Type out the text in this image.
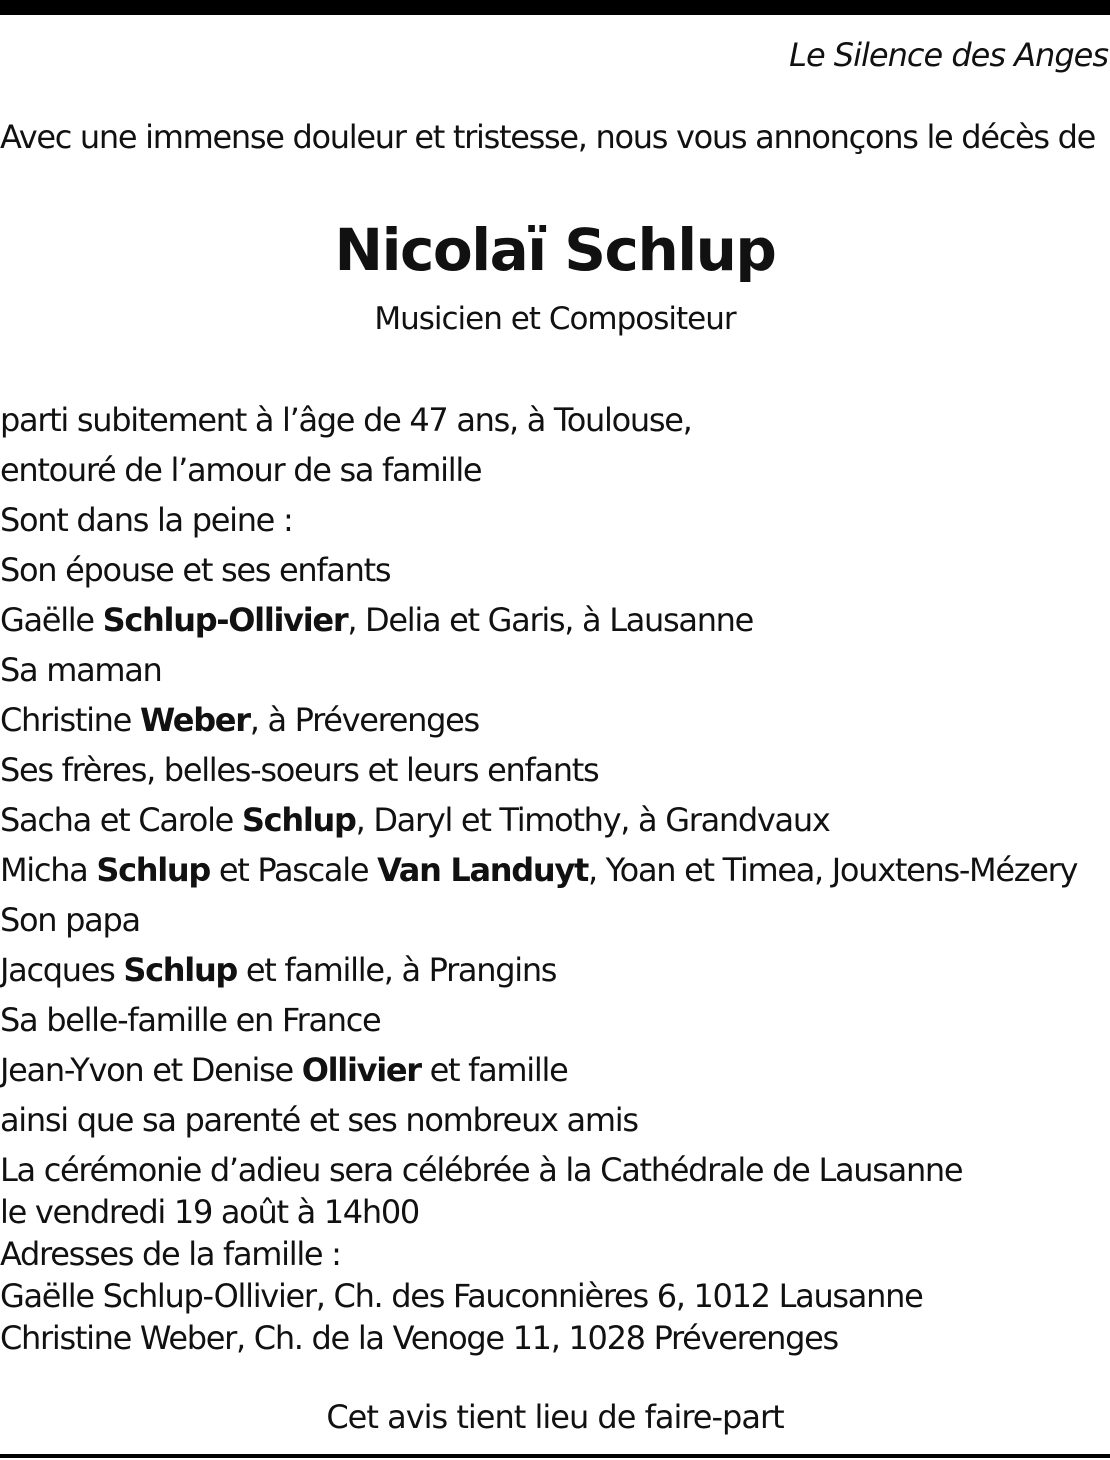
Le Silence des Anges
Avec une immense douleur et tristesse, nous vous annonçons le décès de
Nicolaï Schlup
Musicien et Compositeur
parti subitement à l’âge de 47 ans, à Toulouse,
entouré de l’amour de sa famille
Sont dans la peine :
Son épouse et ses enfants
Gaëlle Schlup-Ollivier, Delia et Garis, à Lausanne
Sa maman
Christine Weber, à Préverenges
Ses frères, belles-soeurs et leurs enfants
Sacha et Carole Schlup, Daryl et Timothy, à Grandvaux
Micha Schlup et Pascale Van Landuyt, Yoan et Timea, Jouxtens-Mézery
Son papa
Jacques Schlup et famille, à Prangins
Sa belle-famille en France
Jean-Yvon et Denise Ollivier et famille
ainsi que sa parenté et ses nombreux amis
La cérémonie d’adieu sera célébrée à la Cathédrale de Lausanne
le vendredi 19 août à 14h00
Adresses de la famille :
Gaëlle Schlup-Ollivier, Ch. des Fauconnières 6, 1012 Lausanne
Christine Weber, Ch. de la Venoge 11, 1028 Préverenges
Cet avis tient lieu de faire-part
